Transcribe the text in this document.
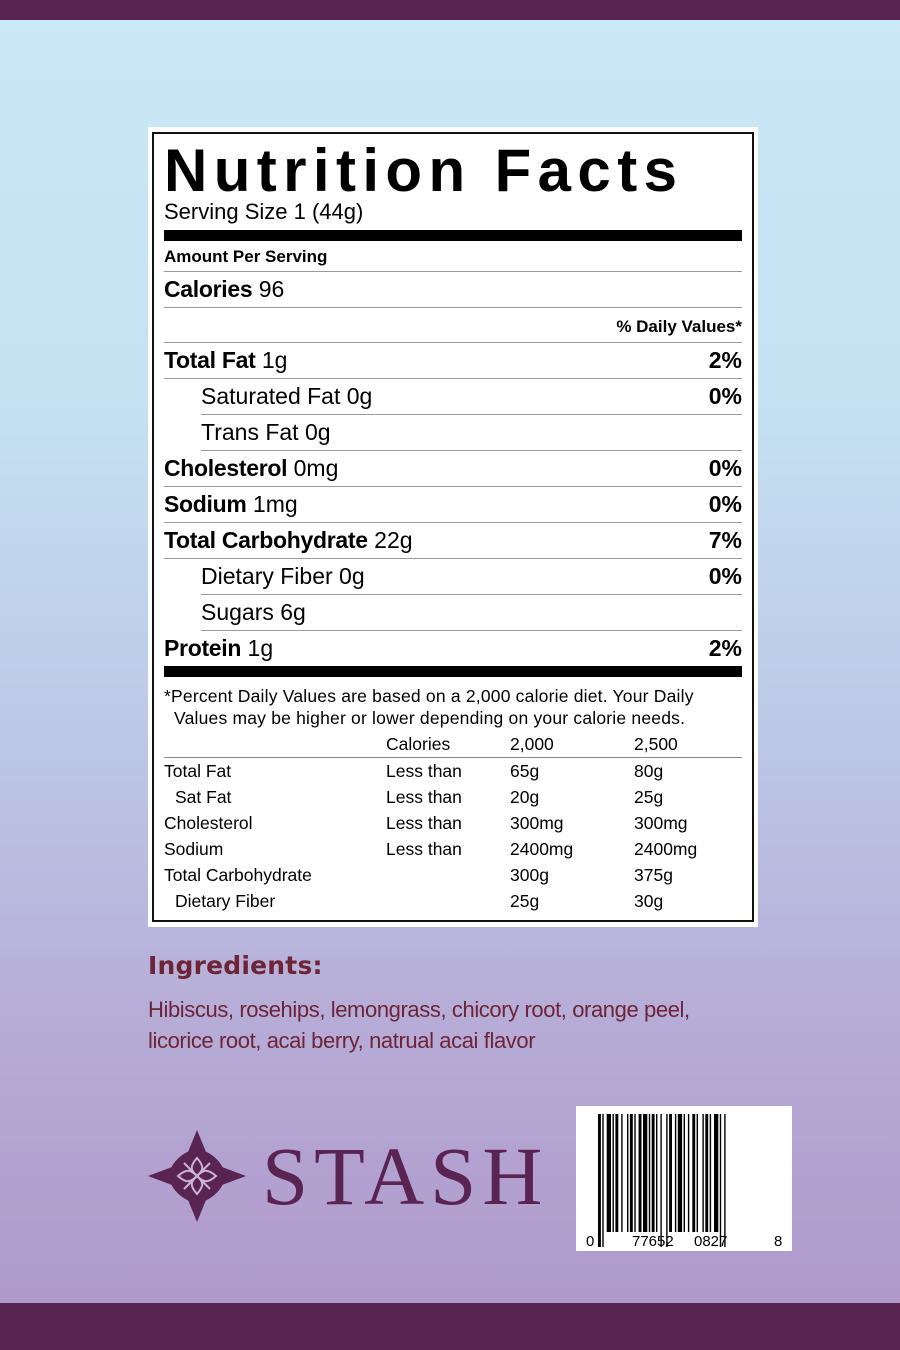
Nutrition Facts
Serving Size 1 (44g)
Amount Per Serving
Calories 96
% Daily Values*
Total Fat 1g	2%
Saturated Fat 0g	0%
Trans Fat 0g
Cholesterol 0mg	0%
Sodium 1mg	0%
Total Carbohydrate 22g	7%
Dietary Fiber 0g	0%
Sugars 6g
Protein 1g	2%
*Percent Daily Values are based on a 2,000 calorie diet. Your Daily
Values may be higher or lower depending on your calorie needs.
	Calories	2,000	2,500
Total Fat	Less than	65g	80g
Sat Fat	Less than	20g	25g
Cholesterol	Less than	300mg	300mg
Sodium	Less than	2400mg	2400mg
Total Carbohydrate		300g	375g
Dietary Fiber		25g	30g
Ingredients:
Hibiscus, rosehips, lemongrass, chicory root, orange peel,
licorice root, acai berry, natrual acai flavor
STASH
0	77652 0827	8
